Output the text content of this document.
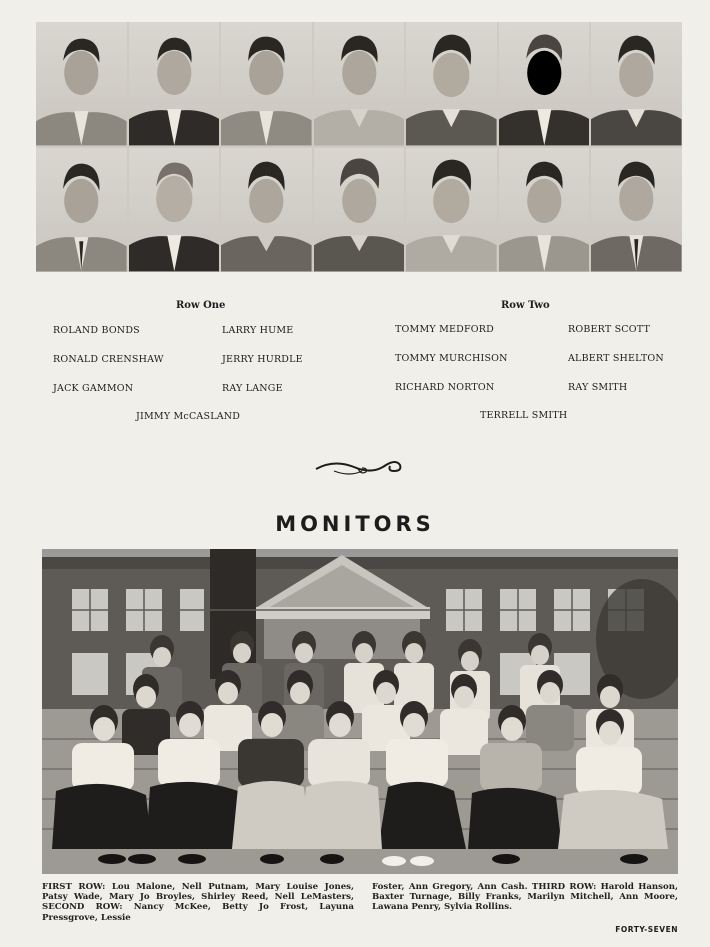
Row One	Row Two
ROLAND BONDS	LARRY HUME
RONALD CRENSHAW	JERRY HURDLE
JACK GAMMON	RAY LANGE
JIMMY McCASLAND
TOMMY MEDFORD	ROBERT SCOTT
TOMMY MURCHISON	ALBERT SHELTON
RICHARD NORTON	RAY SMITH
TERRELL SMITH
MONITORS
FIRST ROW: Lou Malone, Nell Putnam, Mary Louise Jones, Patsy Wade, Mary Jo Broyles, Shirley Reed, Nell LeMasters, SECOND ROW: Nancy McKee, Betty Jo Frost, Layuna Pressgrove, Lessie
Foster, Ann Gregory, Ann Cash. THIRD ROW: Harold Hanson, Baxter Turnage, Billy Franks, Marilyn Mitchell, Ann Moore, Lawana Penry, Sylvia Rollins.
FORTY-SEVEN
